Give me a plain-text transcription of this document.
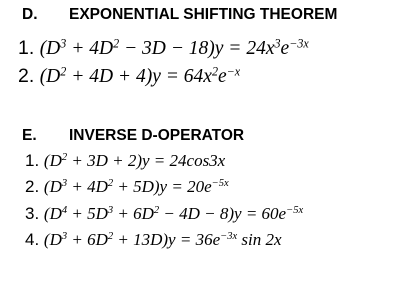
D. EXPONENTIAL SHIFTING THEOREM
1. $(D^3 + 4D^2 - 3D - 18)y = 24x^3e^{-3x}$
2. $(D^2 + 4D + 4)y = 64x^2e^{-x}$
E. INVERSE D-OPERATOR
1. $(D^2 + 3D + 2)y = 24\cos 3x$
2. $(D^3 + 4D^2 + 5D)y = 20e^{-5x}$
3. $(D^4 + 5D^3 + 6D^2 - 4D - 8)y = 60e^{-5x}$
4. $(D^3 + 6D^2 + 13D)y = 36e^{-3x}$ sin 2x
